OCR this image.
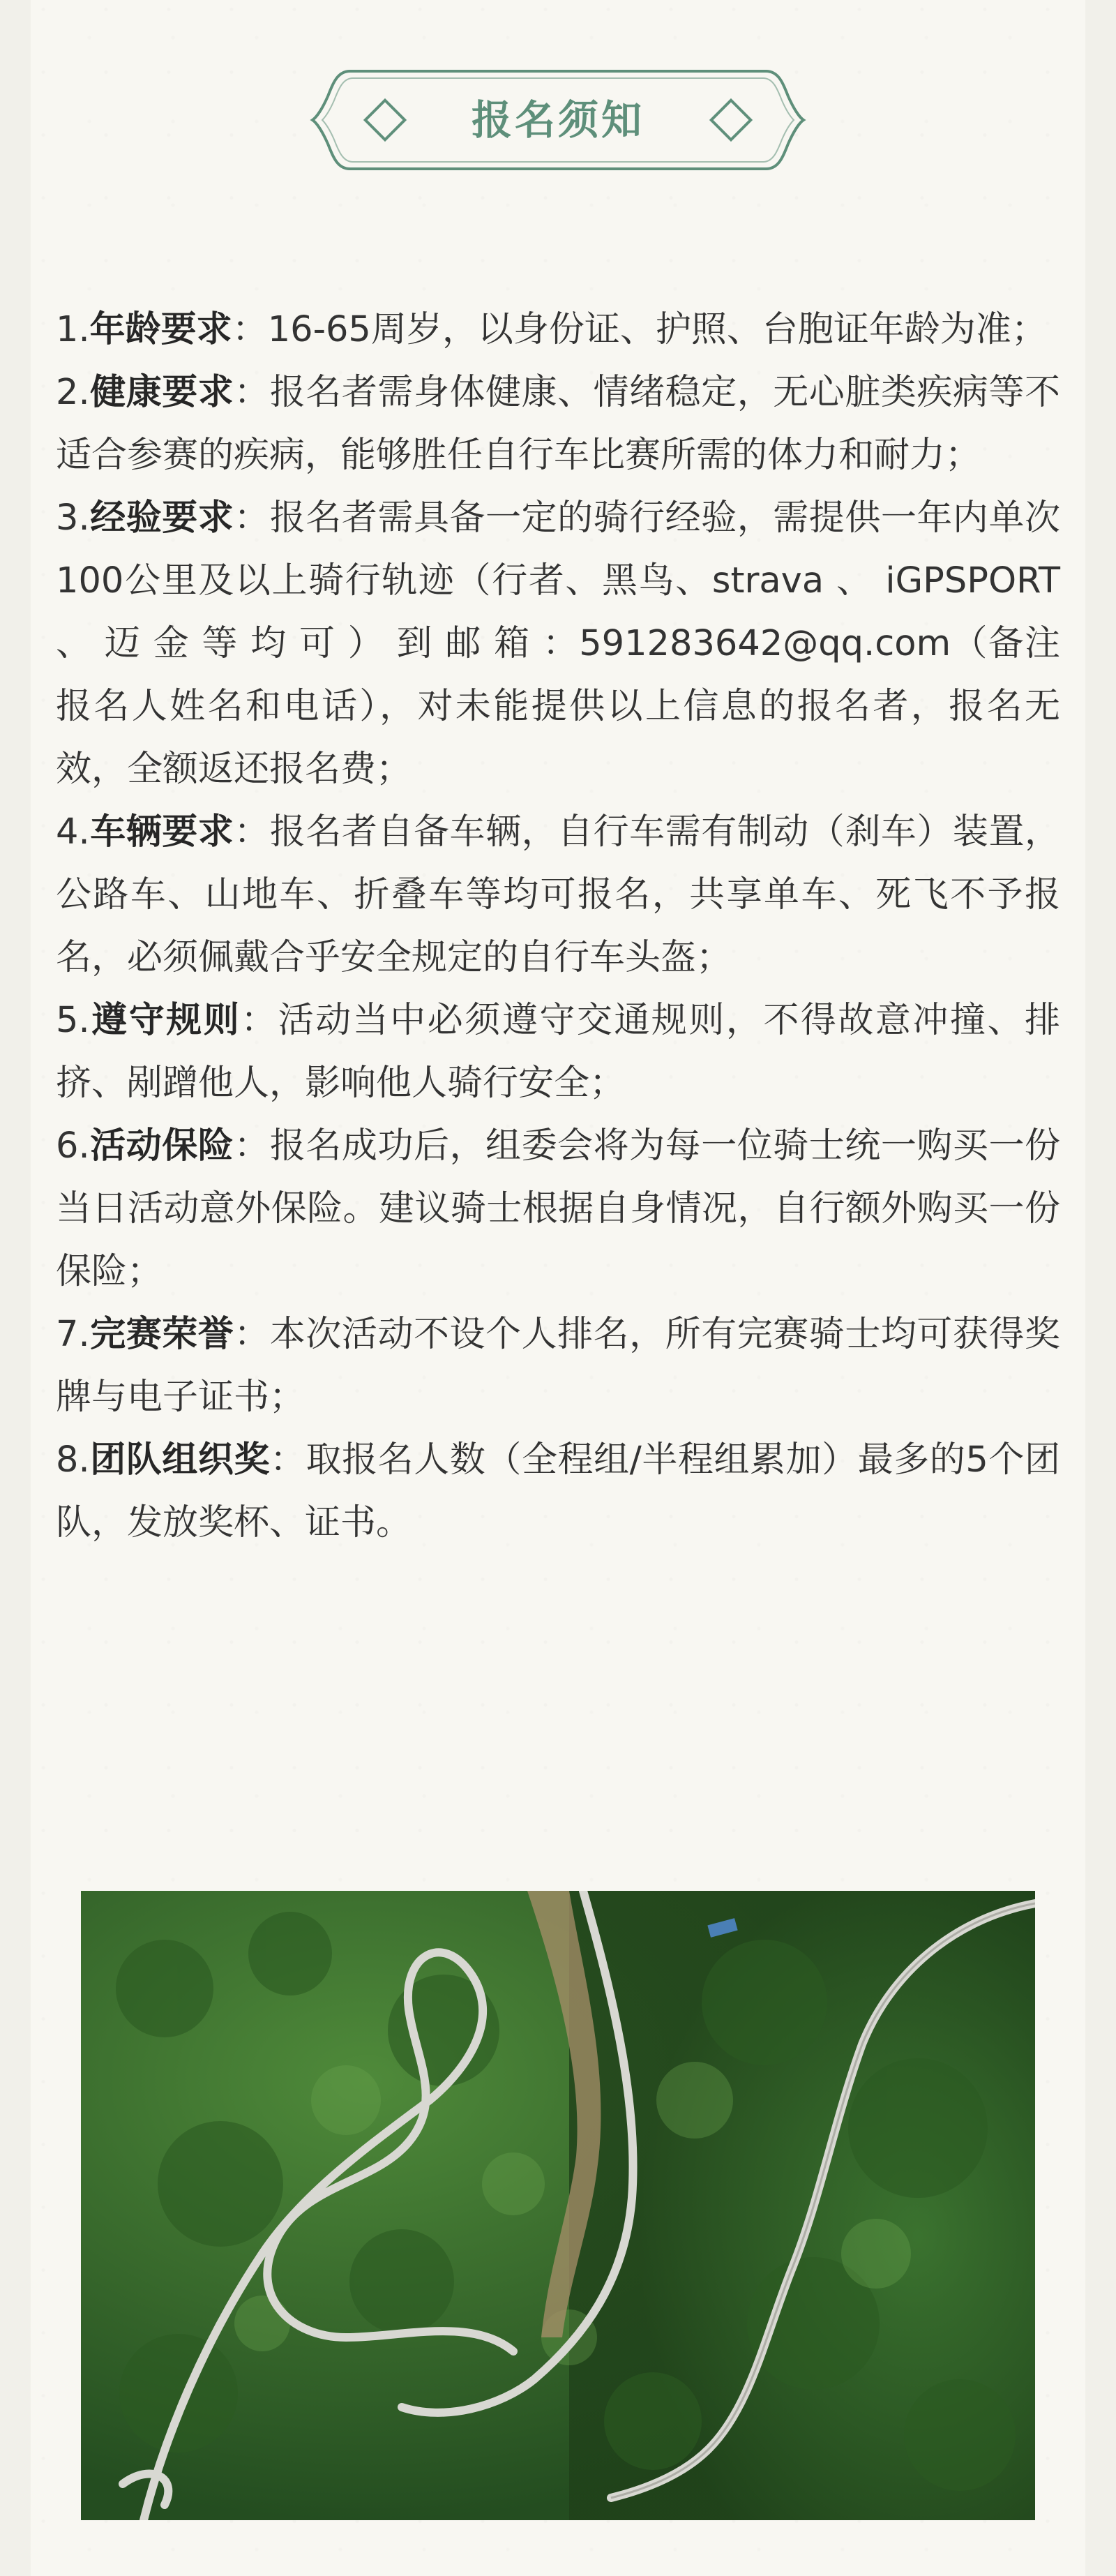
报名须知

1.年龄要求：16-65周岁，以身份证、护照、台胞证年龄为准；

2.健康要求：报名者需身体健康、情绪稳定，无心脏类疾病等不适合参赛的疾病，能够胜任自行车比赛所需的体力和耐力；

3.经验要求：报名者需具备一定的骑行经验，需提供一年内单次100公里及以上骑行轨迹（行者、黑鸟、strava 、 iGPSPORT 、 迈 金 等 均 可 ） 到 邮 箱 ：591283642@qq.com（备注报名人姓名和电话），对未能提供以上信息的报名者，报名无效，全额返还报名费；

4.车辆要求：报名者自备车辆，自行车需有制动（刹车）装置，公路车、山地车、折叠车等均可报名，共享单车、死飞不予报名，必须佩戴合乎安全规定的自行车头盔；

5.遵守规则：活动当中必须遵守交通规则，不得故意冲撞、排挤、剐蹭他人，影响他人骑行安全；

6.活动保险：报名成功后，组委会将为每一位骑士统一购买一份当日活动意外保险。建议骑士根据自身情况，自行额外购买一份保险；

7.完赛荣誉：本次活动不设个人排名，所有完赛骑士均可获得奖牌与电子证书；

8.团队组织奖：取报名人数（全程组/半程组累加）最多的5个团队，发放奖杯、证书。
